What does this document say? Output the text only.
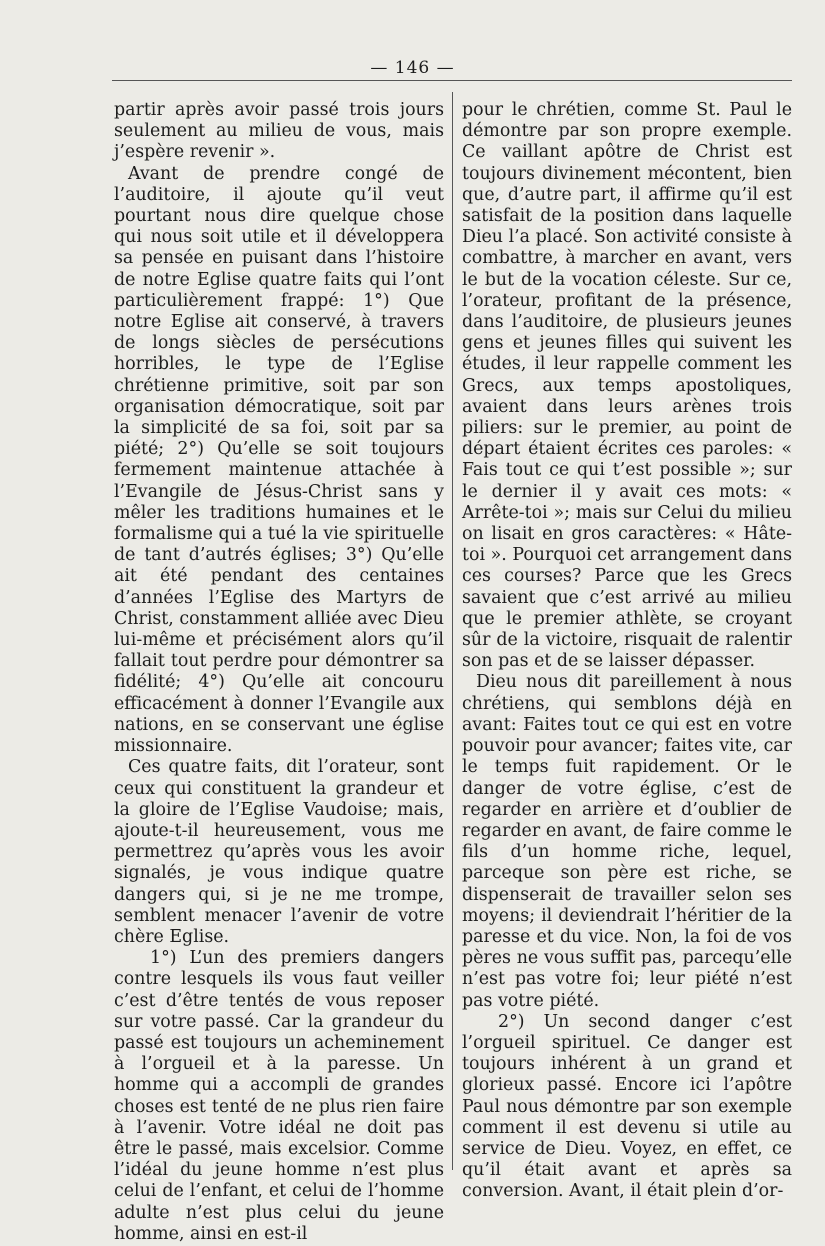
— 146 —

partir après avoir passé trois jours seulement au milieu de vous, mais j’espère revenir ».

Avant de prendre congé de l’auditoire, il ajoute qu’il veut pourtant nous dire quelque chose qui nous soit utile et il développera sa pensée en puisant dans l’histoire de notre Eglise quatre faits qui l’ont particulièrement frappé: 1°) Que notre Eglise ait conservé, à travers de longs siècles de persécutions horribles, le type de l’Eglise chrétienne primitive, soit par son organisation démocratique, soit par la simplicité de sa foi, soit par sa piété; 2°) Qu’elle se soit toujours fermement maintenue attachée à l’Evangile de Jésus-Christ sans y mêler les traditions humaines et le formalisme qui a tué la vie spirituelle de tant d’autrés églises; 3°) Qu’elle ait été pendant des centaines d’années l’Eglise des Martyrs de Christ, constamment alliée avec Dieu lui-même et précisément alors qu’il fallait tout perdre pour démontrer sa fidélité; 4°) Qu’elle ait concouru efficacément à donner l’Evangile aux nations, en se conservant une église missionnaire.

Ces quatre faits, dit l’orateur, sont ceux qui constituent la grandeur et la gloire de l’Eglise Vaudoise; mais, ajoute-t-il heureusement, vous me permettrez qu’après vous les avoir signalés, je vous indique quatre dangers qui, si je ne me trompe, semblent menacer l’avenir de votre chère Eglise.

1°) L’un des premiers dangers contre lesquels ils vous faut veiller c’est d’être tentés de vous reposer sur votre passé. Car la grandeur du passé est toujours un acheminement à l’orgueil et à la paresse. Un homme qui a accompli de grandes choses est tenté de ne plus rien faire à l’avenir. Votre idéal ne doit pas être le passé, mais excelsior. Comme l’idéal du jeune homme n’est plus celui de l’enfant, et celui de l’homme adulte n’est plus celui du jeune homme, ainsi en est-il

pour le chrétien, comme St. Paul le démontre par son propre exemple. Ce vaillant apôtre de Christ est toujours divinement mécontent, bien que, d’autre part, il affirme qu’il est satisfait de la position dans laquelle Dieu l’a placé. Son activité consiste à combattre, à marcher en avant, vers le but de la vocation céleste. Sur ce, l’orateur, profitant de la présence, dans l’auditoire, de plusieurs jeunes gens et jeunes filles qui suivent les études, il leur rappelle comment les Grecs, aux temps apostoliques, avaient dans leurs arènes trois piliers: sur le premier, au point de départ étaient écrites ces paroles: « Fais tout ce qui t’est possible »; sur le dernier il y avait ces mots: « Arrête-toi »; mais sur Celui du milieu on lisait en gros caractères: « Hâte-toi ». Pourquoi cet arrangement dans ces courses? Parce que les Grecs savaient que c’est arrivé au milieu que le premier athlète, se croyant sûr de la victoire, risquait de ralentir son pas et de se laisser dépasser.

Dieu nous dit pareillement à nous chrétiens, qui semblons déjà en avant: Faites tout ce qui est en votre pouvoir pour avancer; faites vite, car le temps fuit rapidement. Or le danger de votre église, c’est de regarder en arrière et d’oublier de regarder en avant, de faire comme le fils d’un homme riche, lequel, parceque son père est riche, se dispenserait de travailler selon ses moyens; il deviendrait l’héritier de la paresse et du vice. Non, la foi de vos pères ne vous suffit pas, parcequ’elle n’est pas votre foi; leur piété n’est pas votre piété.

2°) Un second danger c’est l’orgueil spirituel. Ce danger est toujours inhérent à un grand et glorieux passé. Encore ici l’apôtre Paul nous démontre par son exemple comment il est devenu si utile au service de Dieu. Voyez, en effet, ce qu’il était avant et après sa conversion. Avant, il était plein d’or-
